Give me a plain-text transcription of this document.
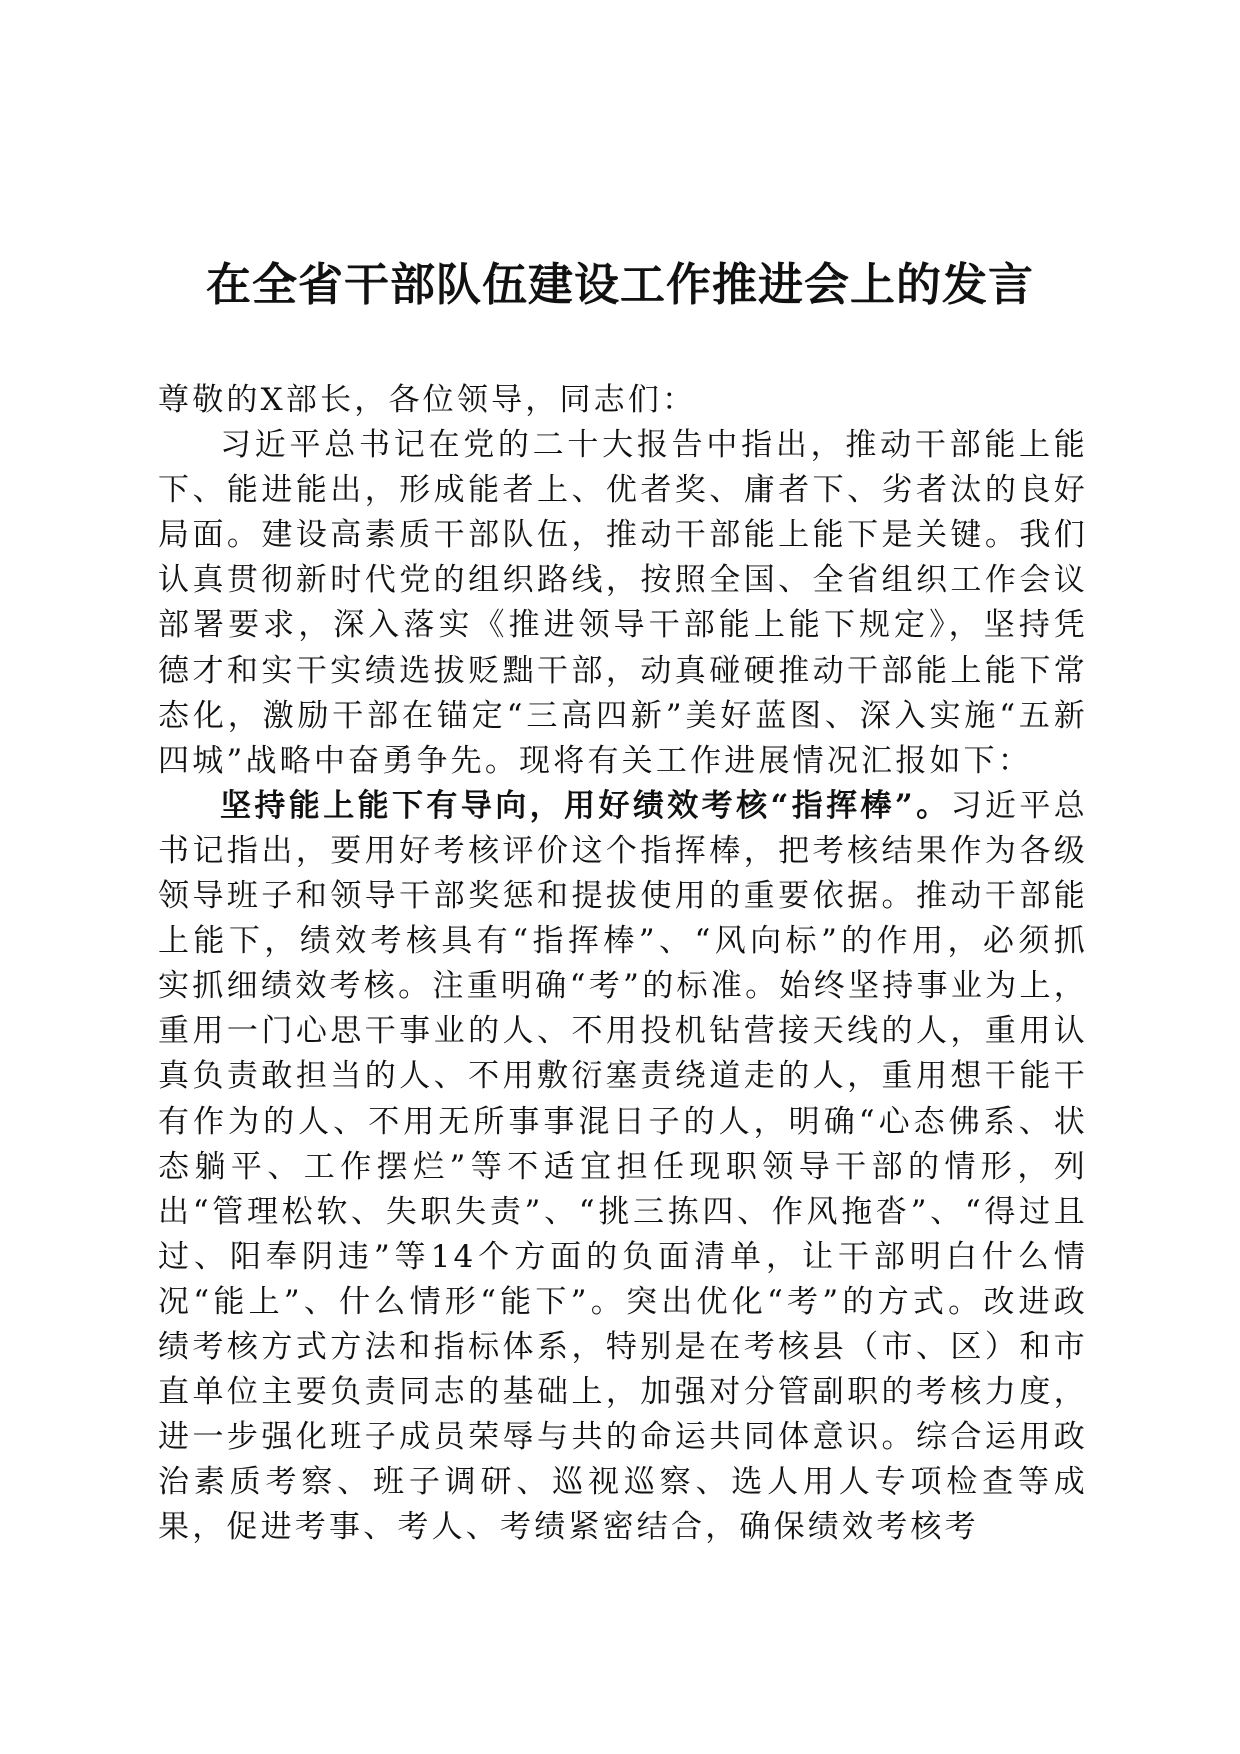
在全省干部队伍建设工作推进会上的发言

尊敬的X部长，各位领导，同志们：

习近平总书记在党的二十大报告中指出，推动干部能上能下、能进能出，形成能者上、优者奖、庸者下、劣者汰的良好局面。建设高素质干部队伍，推动干部能上能下是关键。我们认真贯彻新时代党的组织路线，按照全国、全省组织工作会议部署要求，深入落实《推进领导干部能上能下规定》，坚持凭德才和实干实绩选拔贬黜干部，动真碰硬推动干部能上能下常态化，激励干部在锚定“三高四新”美好蓝图、深入实施“五新四城”战略中奋勇争先。现将有关工作进展情况汇报如下：

坚持能上能下有导向，用好绩效考核“指挥棒”。习近平总书记指出，要用好考核评价这个指挥棒，把考核结果作为各级领导班子和领导干部奖惩和提拔使用的重要依据。推动干部能上能下，绩效考核具有“指挥棒”、“风向标”的作用，必须抓实抓细绩效考核。注重明确“考”的标准。始终坚持事业为上，重用一门心思干事业的人、不用投机钻营接天线的人，重用认真负责敢担当的人、不用敷衍塞责绕道走的人，重用想干能干有作为的人、不用无所事事混日子的人，明确“心态佛系、状态躺平、工作摆烂”等不适宜担任现职领导干部的情形，列出“管理松软、失职失责”、“挑三拣四、作风拖沓”、“得过且过、阳奉阴违”等14个方面的负面清单，让干部明白什么情况“能上”、什么情形“能下”。突出优化“考”的方式。改进政绩考核方式方法和指标体系，特别是在考核县（市、区）和市直单位主要负责同志的基础上，加强对分管副职的考核力度，进一步强化班子成员荣辱与共的命运共同体意识。综合运用政治素质考察、班子调研、巡视巡察、选人用人专项检查等成果，促进考事、考人、考绩紧密结合，确保绩效考核考
